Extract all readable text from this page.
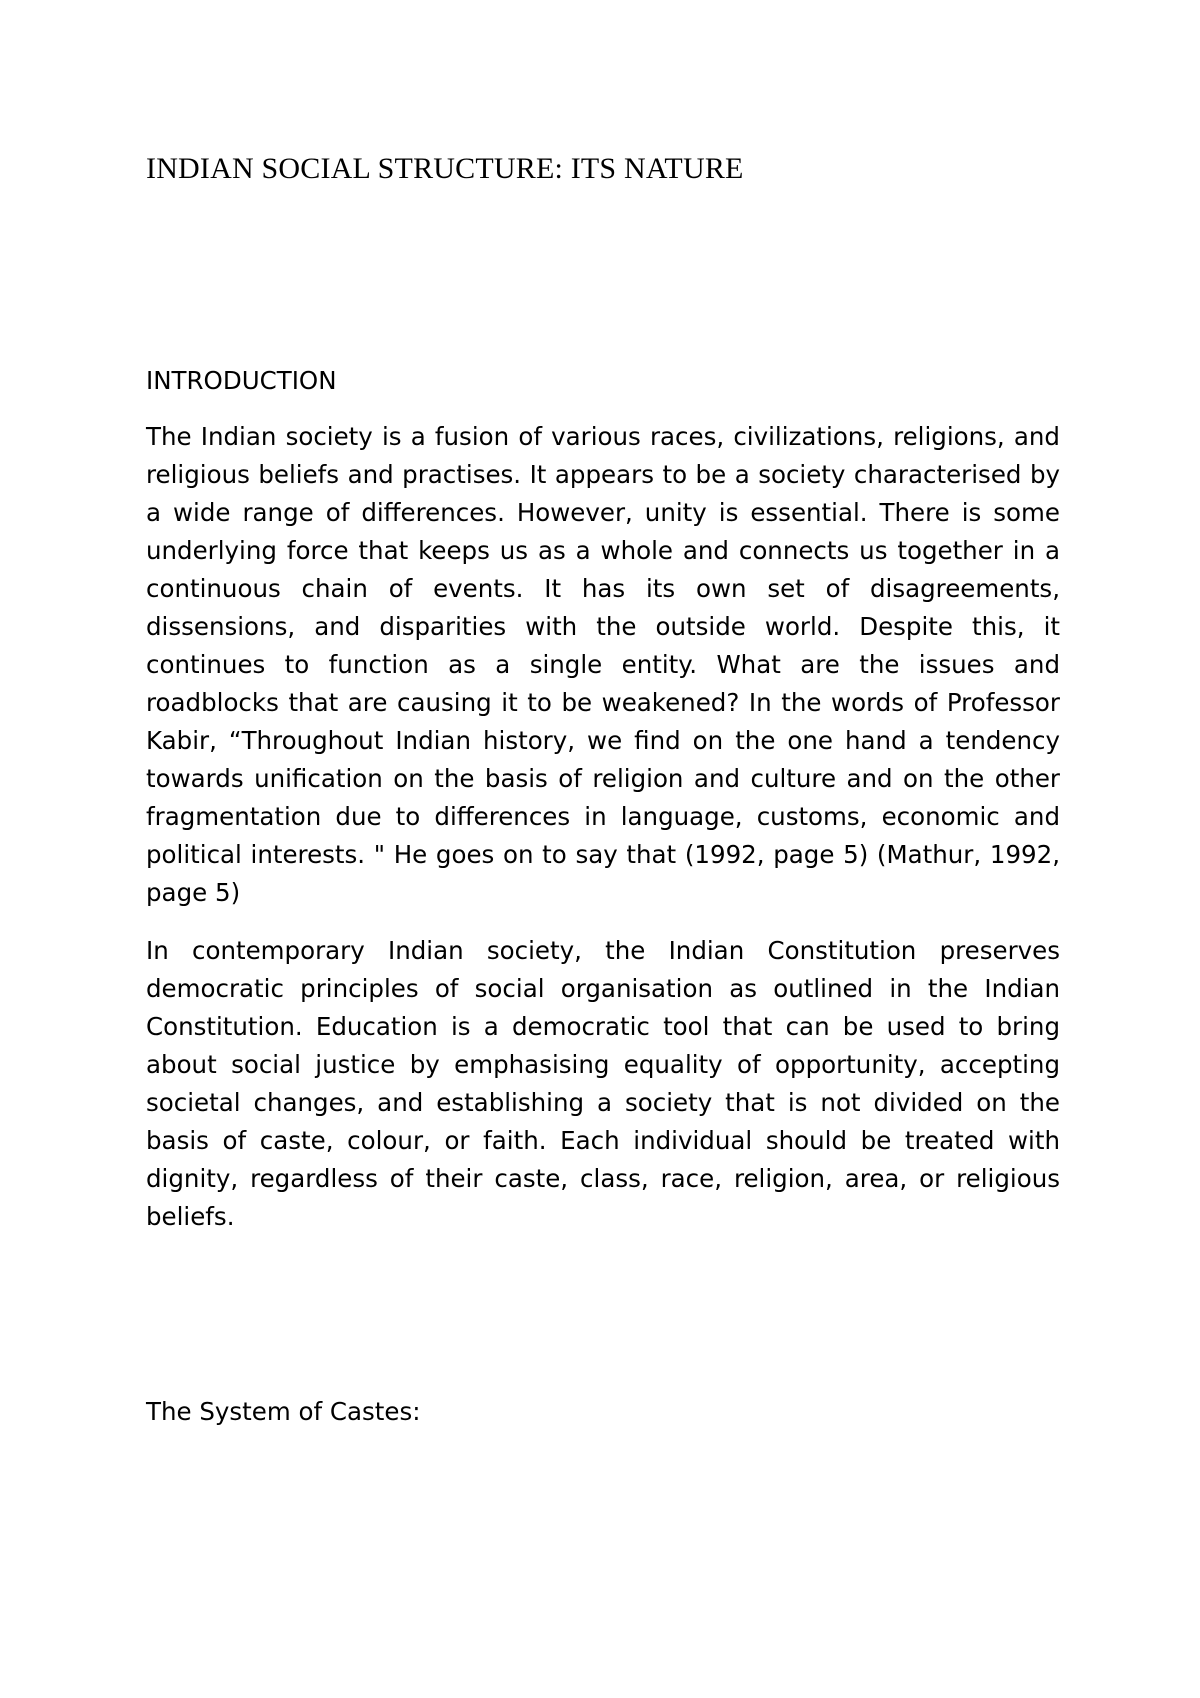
INDIAN SOCIAL STRUCTURE: ITS NATURE
INTRODUCTION

The Indian society is a fusion of various races, civilizations, religions, and religious beliefs and practises. It appears to be a society characterised by a wide range of differences. However, unity is essential. There is some underlying force that keeps us as a whole and connects us together in a continuous chain of events. It has its own set of disagreements, dissensions, and disparities with the outside world. Despite this, it continues to function as a single entity. What are the issues and roadblocks that are causing it to be weakened? In the words of Professor Kabir, “Throughout Indian history, we find on the one hand a tendency towards unification on the basis of religion and culture and on the other fragmentation due to differences in language, customs, economic and political interests. " He goes on to say that (1992, page 5) (Mathur, 1992, page 5)

In contemporary Indian society, the Indian Constitution preserves democratic principles of social organisation as outlined in the Indian Constitution. Education is a democratic tool that can be used to bring about social justice by emphasising equality of opportunity, accepting societal changes, and establishing a society that is not divided on the basis of caste, colour, or faith. Each individual should be treated with dignity, regardless of their caste, class, race, religion, area, or religious beliefs.

The System of Castes:
